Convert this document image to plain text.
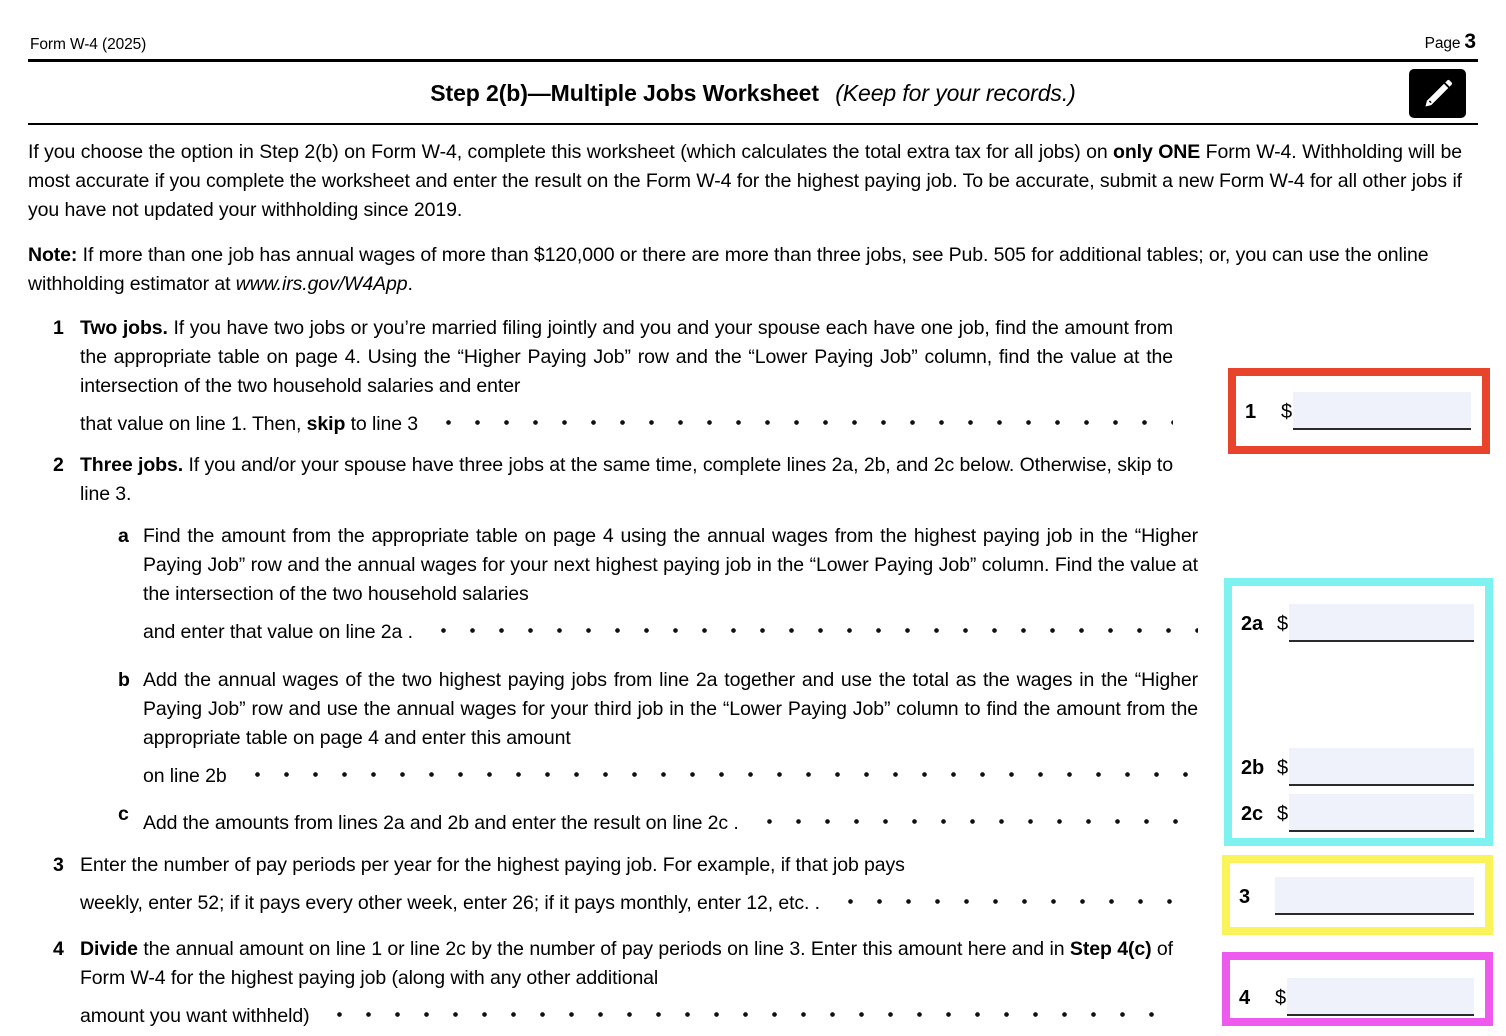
Form W-4 (2025)	Page 3
Step 2(b)—Multiple Jobs Worksheet (Keep for your records.)
If you choose the option in Step 2(b) on Form W-4, complete this worksheet (which calculates the total extra tax for all jobs) on only ONE Form W-4. Withholding will be most accurate if you complete the worksheet and enter the result on the Form W-4 for the highest paying job. To be accurate, submit a new Form W-4 for all other jobs if you have not updated your withholding since 2019.
Note: If more than one job has annual wages of more than $120,000 or there are more than three jobs, see Pub. 505 for additional tables; or, you can use the online withholding estimator at www.irs.gov/W4App.
1 Two jobs. If you have two jobs or you’re married filing jointly and you and your spouse each have one job, find the amount from the appropriate table on page 4. Using the “Higher Paying Job” row and the “Lower Paying Job” column, find the value at the intersection of the two household salaries and enter
that value on line 1. Then, skip to line 3
2 Three jobs. If you and/or your spouse have three jobs at the same time, complete lines 2a, 2b, and 2c below. Otherwise, skip to line 3.
a Find the amount from the appropriate table on page 4 using the annual wages from the highest paying job in the “Higher Paying Job” row and the annual wages for your next highest paying job in the “Lower Paying Job” column. Find the value at the intersection of the two household salaries
and enter that value on line 2a .
b Add the annual wages of the two highest paying jobs from line 2a together and use the total as the wages in the “Higher Paying Job” row and use the annual wages for your third job in the “Lower Paying Job” column to find the amount from the appropriate table on page 4 and enter this amount
on line 2b
c Add the amounts from lines 2a and 2b and enter the result on line 2c .
3 Enter the number of pay periods per year for the highest paying job. For example, if that job pays
weekly, enter 52; if it pays every other week, enter 26; if it pays monthly, enter 12, etc. .
4 Divide the annual amount on line 1 or line 2c by the number of pay periods on line 3. Enter this amount here and in Step 4(c) of Form W-4 for the highest paying job (along with any other additional
amount you want withheld)
1	$
2a $
2b $
2c $
3
4	$
